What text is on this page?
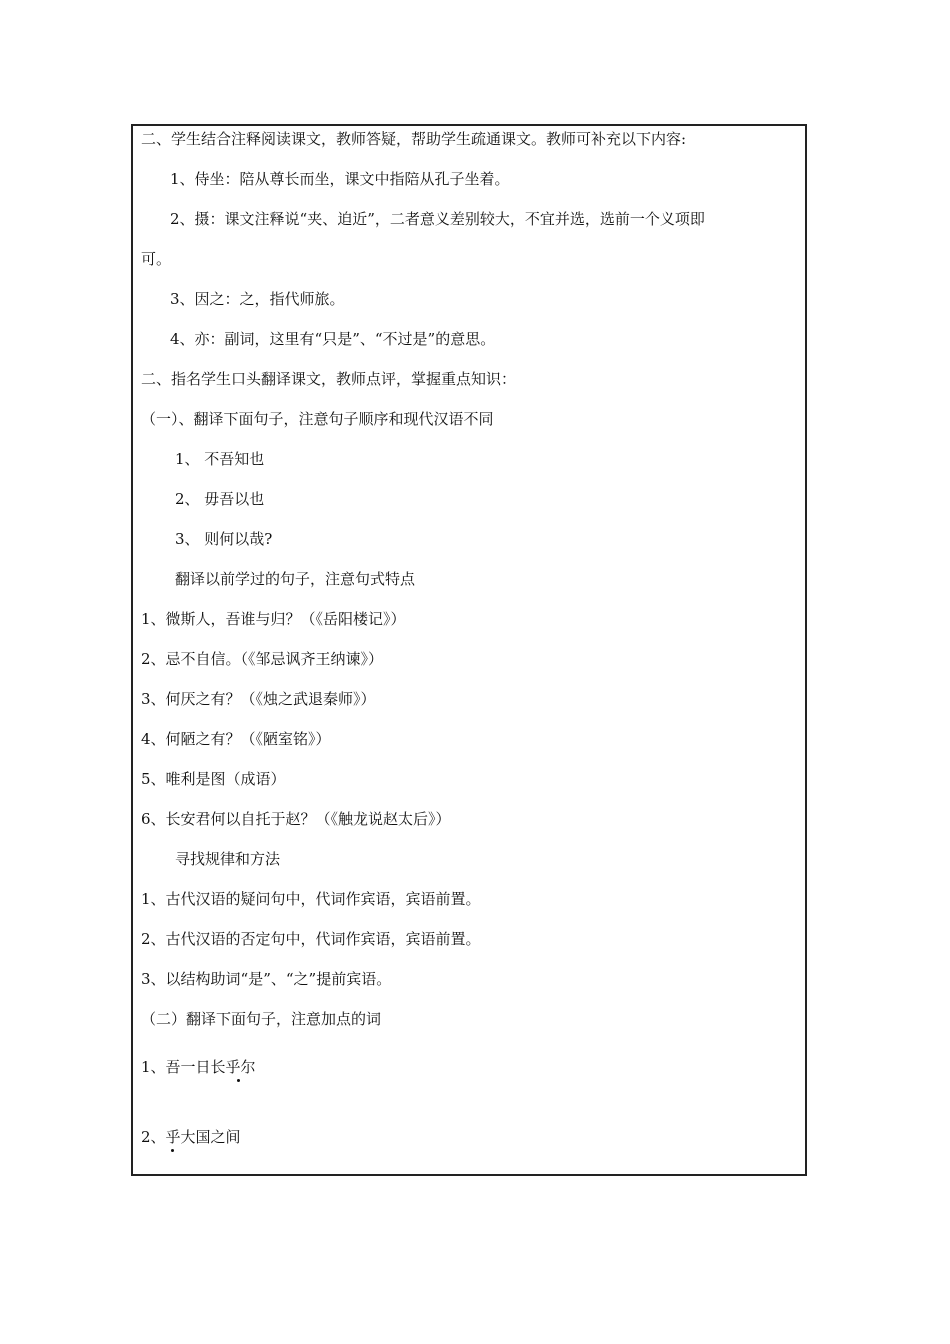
二、学生结合注释阅读课文，教师答疑，帮助学生疏通课文。教师可补充以下内容:
1、侍坐：陪从尊长而坐，课文中指陪从孔子坐着。
2、摄：课文注释说“夹、迫近”，二者意义差别较大，不宜并选，选前一个义项即
可。
3、因之：之，指代师旅。
4、亦：副词，这里有“只是”、“不过是”的意思。
二、指名学生口头翻译课文，教师点评，掌握重点知识：
（一）、翻译下面句子，注意句子顺序和现代汉语不同
1、 不吾知也
2、 毋吾以也
3、 则何以哉?
翻译以前学过的句子，注意句式特点
1、微斯人，吾谁与归？（《岳阳楼记》）
2、忌不自信。（《邹忌讽齐王纳谏》）
3、何厌之有？（《烛之武退秦师》）
4、何陋之有？（《陋室铭》）
5、唯利是图（成语）
6、长安君何以自托于赵？（《触龙说赵太后》）
寻找规律和方法
1、古代汉语的疑问句中，代词作宾语，宾语前置。
2、古代汉语的否定句中，代词作宾语，宾语前置。
3、以结构助词“是”、“之”提前宾语。
（二）翻译下面句子，注意加点的词
1、吾一日长乎尔
2、乎大国之间
